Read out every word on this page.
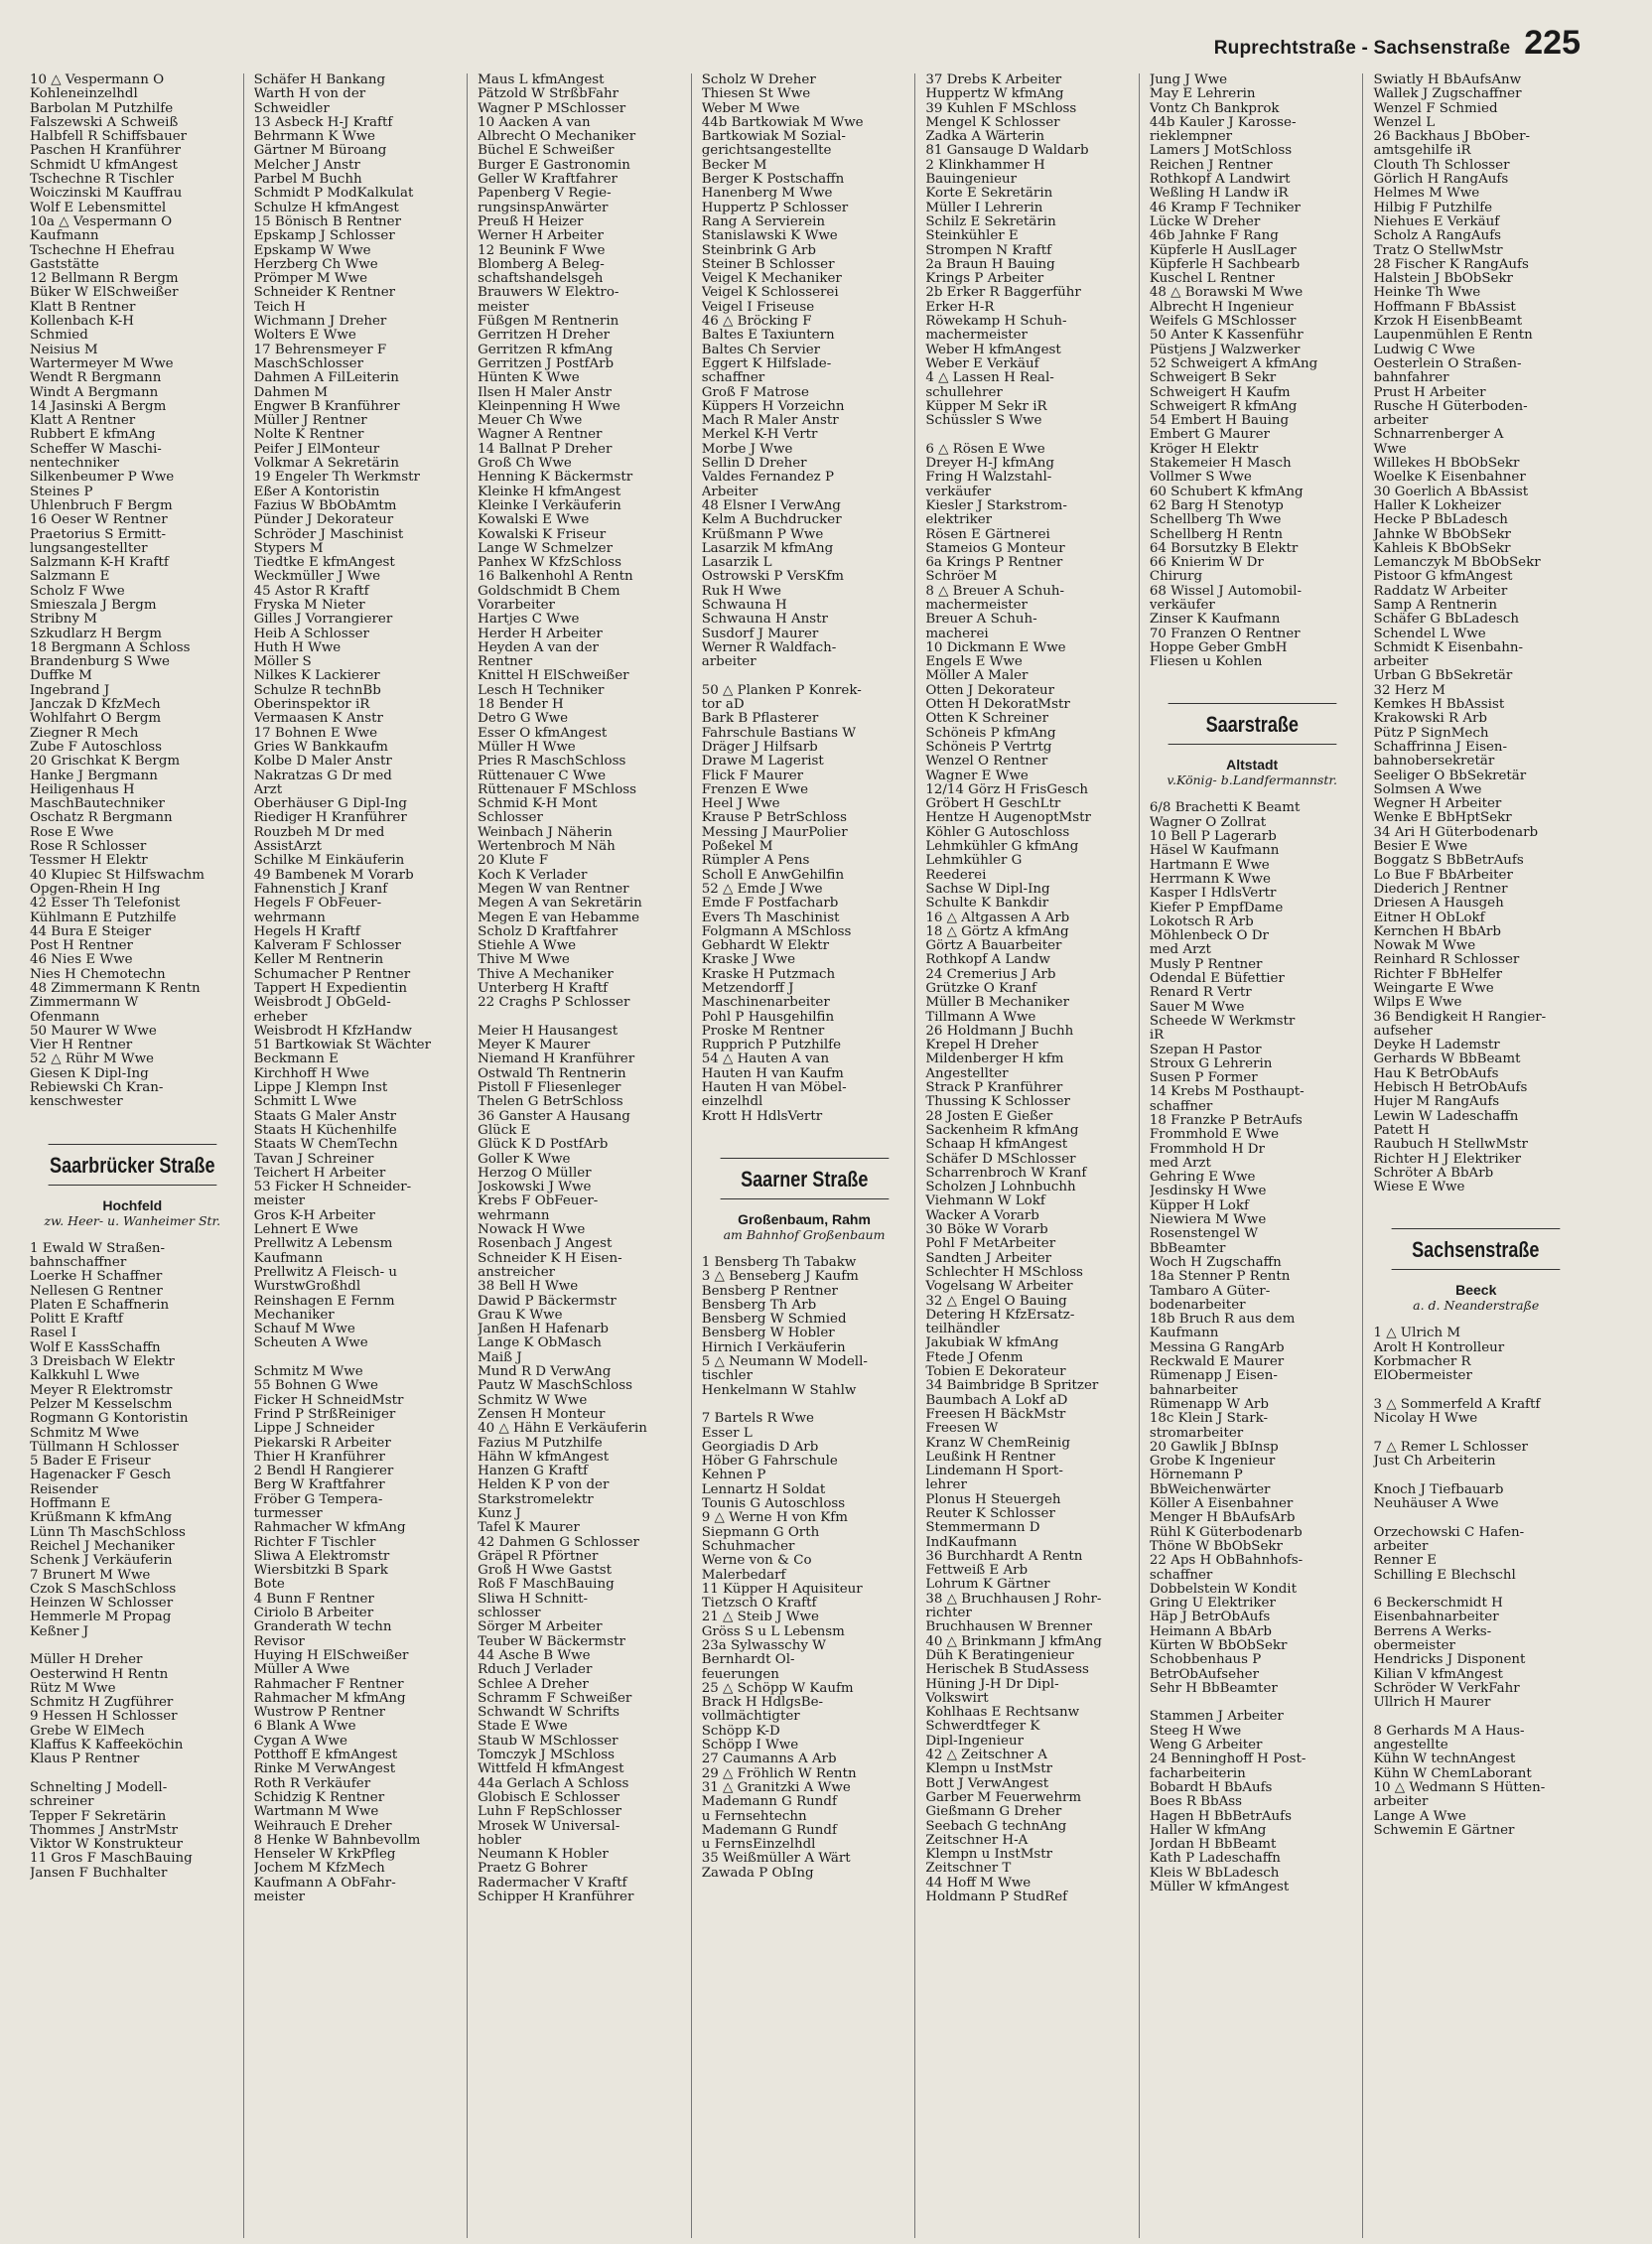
Ruprechtstraße - Sachsenstraße 225
10 △ Vespermann O
Kohleneinzelhdl
Barbolan M Putzhilfe
Falszewski A Schweiß
Halbfell R Schiffsbauer
Paschen H Kranführer
Schmidt U kfmAngest
Tschechne R Tischler
Woiczinski M Kauffrau
Wolf E Lebensmittel
10a △ Vespermann O
Kaufmann
Tschechne H Ehefrau
Gaststätte
12 Bellmann R Bergm
Büker W ElSchweißer
Klatt B Rentner
Kollenbach K-H
Schmied
Neisius M
Wartermeyer M Wwe
Wendt R Bergmann
Windt A Bergmann
14 Jasinski A Bergm
Klatt A Rentner
Rubbert E kfmAng
Scheffer W Maschi-
nentechniker
Silkenbeumer P Wwe
Steines P
Uhlenbruch F Bergm
16 Oeser W Rentner
Praetorius S Ermitt-
lungsangestellter
Salzmann K-H Kraftf
Salzmann E
Scholz F Wwe
Smieszala J Bergm
Stribny M
Szkudlarz H Bergm
18 Bergmann A Schloss
Brandenburg S Wwe
Duffke M
Ingebrand J
Janczak D KfzMech
Wohlfahrt O Bergm
Ziegner R Mech
Zube F Autoschloss
20 Grischkat K Bergm
Hanke J Bergmann
Heiligenhaus H
MaschBautechniker
Oschatz R Bergmann
Rose E Wwe
Rose R Schlosser
Tessmer H Elektr
40 Klupiec St Hilfswachm
Opgen-Rhein H Ing
42 Esser Th Telefonist
Kühlmann E Putzhilfe
44 Bura E Steiger
Post H Rentner
46 Nies E Wwe
Nies H Chemotechn
48 Zimmermann K Rentn
Zimmermann W
Ofenmann
50 Maurer W Wwe
Vier H Rentner
52 △ Rühr M Wwe
Giesen K Dipl-Ing
Rebiewski Ch Kran-
kenschwester
Saarbrücker Straße
Hochfeld
zw. Heer- u. Wanheimer Str.
1 Ewald W Straßen-
bahnschaffner
Loerke H Schaffner
Nellesen G Rentner
Platen E Schaffnerin
Politt E Kraftf
Rasel I
Wolf E KassSchaffn
3 Dreisbach W Elektr
Kalkkuhl L Wwe
Meyer R Elektromstr
Pelzer M Kesselschm
Rogmann G Kontoristin
Schmitz M Wwe
Tüllmann H Schlosser
5 Bader E Friseur
Hagenacker F Gesch
Reisender
Hoffmann E
Krüßmann K kfmAng
Lünn Th MaschSchloss
Reichel J Mechaniker
Schenk J Verkäuferin
7 Brunert M Wwe
Czok S MaschSchloss
Heinzen W Schlosser
Hemmerle M Propag
Keßner J

Müller H Dreher
Oesterwind H Rentn
Rütz M Wwe
Schmitz H Zugführer
9 Hessen H Schlosser
Grebe W ElMech
Klaffus K Kaffeeköchin
Klaus P Rentner

Schnelting J Modell-
schreiner
Tepper F Sekretärin
Thommes J AnstrMstr
Viktor W Konstrukteur
11 Gros F MaschBauing
Jansen F Buchhalter
Schäfer H Bankang
Warth H von der
Schweidler
13 Asbeck H-J Kraftf
Behrmann K Wwe
Gärtner M Büroang
Melcher J Anstr
Parbel M Buchh
Schmidt P ModKalkulat
Schulze H kfmAngest
15 Bönisch B Rentner
Epskamp J Schlosser
Epskamp W Wwe
Herzberg Ch Wwe
Prömper M Wwe
Schneider K Rentner
Teich H
Wichmann J Dreher
Wolters E Wwe
17 Behrensmeyer F
MaschSchlosser
Dahmen A FilLeiterin
Dahmen M
Engwer B Kranführer
Müller J Rentner
Nolte K Rentner
Peifer J ElMonteur
Volkmar A Sekretärin
19 Engeler Th Werkmstr
Eßer A Kontoristin
Fazius W BbObAmtm
Pünder J Dekorateur
Schröder J Maschinist
Stypers M
Tiedtke E kfmAngest
Weckmüller J Wwe
45 Astor R Kraftf
Fryska M Nieter
Gilles J Vorrangierer
Heib A Schlosser
Huth H Wwe
Möller S
Nilkes K Lackierer
Schulze R technBb
Oberinspektor iR
Vermaasen K Anstr
17 Bohnen E Wwe
Gries W Bankkaufm
Kolbe D Maler Anstr
Nakratzas G Dr med
Arzt
Oberhäuser G Dipl-Ing
Riediger H Kranführer
Rouzbeh M Dr med
AssistArzt
Schilke M Einkäuferin
49 Bambenek M Vorarb
Fahnenstich J Kranf
Hegels F ObFeuer-
wehrmann
Hegels H Kraftf
Kalveram F Schlosser
Keller M Rentnerin
Schumacher P Rentner
Tappert H Expedientin
Weisbrodt J ObGeld-
erheber
Weisbrodt H KfzHandw
51 Bartkowiak St Wächter
Beckmann E
Kirchhoff H Wwe
Lippe J Klempn Inst
Schmitt L Wwe
Staats G Maler Anstr
Staats H Küchenhilfe
Staats W ChemTechn
Tavan J Schreiner
Teichert H Arbeiter
53 Ficker H Schneider-
meister
Gros K-H Arbeiter
Lehnert E Wwe
Prellwitz A Lebensm
Kaufmann
Prellwitz A Fleisch- u
WurstwGroßhdl
Reinshagen E Fernm
Mechaniker
Schauf M Wwe
Scheuten A Wwe

Schmitz M Wwe
55 Bohnen G Wwe
Ficker H SchneidMstr
Frind P StrßReiniger
Lippe J Schneider
Piekarski R Arbeiter
Thier H Kranführer
2 Bendl H Rangierer
Berg W Kraftfahrer
Fröber G Tempera-
turmesser
Rahmacher W kfmAng
Richter F Tischler
Sliwa A Elektromstr
Wiersbitzki B Spark
Bote
4 Bunn F Rentner
Ciriolo B Arbeiter
Granderath W techn
Revisor
Huying H ElSchweißer
Müller A Wwe
Rahmacher F Rentner
Rahmacher M kfmAng
Wustrow P Rentner
6 Blank A Wwe
Cygan A Wwe
Potthoff E kfmAngest
Rinke M VerwAngest
Roth R Verkäufer
Schidzig K Rentner
Wartmann M Wwe
Weihrauch E Dreher
8 Henke W Bahnbevollm
Henseler W KrkPfleg
Jochem M KfzMech
Kaufmann A ObFahr-
meister
Maus L kfmAngest
Pätzold W StrßbFahr
Wagner P MSchlosser
10 Aacken A van
Albrecht O Mechaniker
Büchel E Schweißer
Burger E Gastronomin
Geller W Kraftfahrer
Papenberg V Regie-
rungsinspAnwärter
Preuß H Heizer
Werner H Arbeiter
12 Beunink F Wwe
Blomberg A Beleg-
schaftshandelsgeh
Brauwers W Elektro-
meister
Füßgen M Rentnerin
Gerritzen H Dreher
Gerritzen R kfmAng
Gerritzen J PostfArb
Hünten K Wwe
Ilsen H Maler Anstr
Kleinpenning H Wwe
Meuer Ch Wwe
Wagner A Rentner
14 Ballnat P Dreher
Groß Ch Wwe
Henning K Bäckermstr
Kleinke H kfmAngest
Kleinke I Verkäuferin
Kowalski E Wwe
Kowalski K Friseur
Lange W Schmelzer
Panhex W KfzSchloss
16 Balkenhohl A Rentn
Goldschmidt B Chem
Vorarbeiter
Hartjes C Wwe
Herder H Arbeiter
Heyden A van der
Rentner
Knittel H ElSchweißer
Lesch H Techniker
18 Bender H
Detro G Wwe
Esser O kfmAngest
Müller H Wwe
Pries R MaschSchloss
Rüttenauer C Wwe
Rüttenauer F MSchloss
Schmid K-H Mont
Schlosser
Weinbach J Näherin
Wertenbroch M Näh
20 Klute F
Koch K Verlader
Megen W van Rentner
Megen A van Sekretärin
Megen E van Hebamme
Scholz D Kraftfahrer
Stiehle A Wwe
Thive M Wwe
Thive A Mechaniker
Unterberg H Kraftf
22 Craghs P Schlosser

Meier H Hausangest
Meyer K Maurer
Niemand H Kranführer
Ostwald Th Rentnerin
Pistoll F Fliesenleger
Thelen G BetrSchloss
36 Ganster A Hausang
Glück E
Glück K D PostfArb
Goller K Wwe
Herzog O Müller
Joskowski J Wwe
Krebs F ObFeuer-
wehrmann
Nowack H Wwe
Rosenbach J Angest
Schneider K H Eisen-
anstreicher
38 Bell H Wwe
Dawid P Bäckermstr
Grau K Wwe
Janßen H Hafenarb
Lange K ObMasch
Maiß J
Mund R D VerwAng
Pautz W MaschSchloss
Schmitz W Wwe
Zensen H Monteur
40 △ Hähn E Verkäuferin
Fazius M Putzhilfe
Hähn W kfmAngest
Hanzen G Kraftf
Helden K P von der
Starkstromelektr
Kunz J
Tafel K Maurer
42 Dahmen G Schlosser
Gräpel R Pförtner
Groß H Wwe Gastst
Roß F MaschBauing
Sliwa H Schnitt-
schlosser
Sörger M Arbeiter
Teuber W Bäckermstr
44 Asche B Wwe
Rduch J Verlader
Schlee A Dreher
Schramm F Schweißer
Schwandt W Schrifts
Stade E Wwe
Staub W MSchlosser
Tomczyk J MSchloss
Wittfeld H kfmAngest
44a Gerlach A Schloss
Globisch E Schlosser
Luhn F RepSchlosser
Mrosek W Universal-
hobler
Neumann K Hobler
Praetz G Bohrer
Radermacher V Kraftf
Schipper H Kranführer
Scholz W Dreher
Thiesen St Wwe
Weber M Wwe
44b Bartkowiak M Wwe
Bartkowiak M Sozial-
gerichtsangestellte
Becker M
Berger K Postschaffn
Hanenberg M Wwe
Huppertz P Schlosser
Rang A Servierein
Stanislawski K Wwe
Steinbrink G Arb
Steiner B Schlosser
Veigel K Mechaniker
Veigel K Schlosserei
Veigel I Friseuse
46 △ Bröcking F
Baltes E Taxiuntern
Baltes Ch Servier
Eggert K Hilfslade-
schaffner
Groß F Matrose
Küppers H Vorzeichn
Mach R Maler Anstr
Merkel K-H Vertr
Morbe J Wwe
Sellin D Dreher
Valdes Fernandez P
Arbeiter
48 Elsner I VerwAng
Kelm A Buchdrucker
Krüßmann P Wwe
Lasarzik M kfmAng
Lasarzik L
Ostrowski P VersKfm
Ruk H Wwe
Schwauna H
Schwauna H Anstr
Susdorf J Maurer
Werner R Waldfach-
arbeiter

50 △ Planken P Konrek-
tor aD
Bark B Pflasterer
Fahrschule Bastians W
Dräger J Hilfsarb
Drawe M Lagerist
Flick F Maurer
Frenzen E Wwe
Heel J Wwe
Krause P BetrSchloss
Messing J MaurPolier
Poßekel M
Rümpler A Pens
Scholl E AnwGehilfin
52 △ Emde J Wwe
Emde F Postfacharb
Evers Th Maschinist
Folgmann A MSchloss
Gebhardt W Elektr
Kraske J Wwe
Kraske H Putzmach
Metzendorff J
Maschinenarbeiter
Pohl P Hausgehilfin
Proske M Rentner
Rupprich P Putzhilfe
54 △ Hauten A van
Hauten H van Kaufm
Hauten H van Möbel-
einzelhdl
Krott H HdlsVertr
Saarner Straße
Großenbaum, Rahm
am Bahnhof Großenbaum
1 Bensberg Th Tabakw
3 △ Benseberg J Kaufm
Bensberg P Rentner
Bensberg Th Arb
Bensberg W Schmied
Bensberg W Hobler
Hirnich I Verkäuferin
5 △ Neumann W Modell-
tischler
Henkelmann W Stahlw

7 Bartels R Wwe
Esser L
Georgiadis D Arb
Höber G Fahrschule
Kehnen P
Lennartz H Soldat
Tounis G Autoschloss
9 △ Werne H von Kfm
Siepmann G Orth
Schuhmacher
Werne von & Co
Malerbedarf
11 Küpper H Aquisiteur
Tietzsch O Kraftf
21 △ Steib J Wwe
Gröss S u L Lebensm
23a Sylwasschy W
Bernhardt Öl-
feuerungen
25 △ Schöpp W Kaufm
Brack H HdlgsBe-
vollmächtigter
Schöpp K-D
Schöpp I Wwe
27 Caumanns A Arb
29 △ Fröhlich W Rentn
31 △ Granitzki A Wwe
Mademann G Rundf
u Fernsehtechn
Mademann G Rundf
u FernsEinzelhdl
35 Weißmüller A Wärt
Zawada P ObIng
37 Drebs K Arbeiter
Huppertz W kfmAng
39 Kuhlen F MSchloss
Mengel K Schlosser
Zadka A Wärterin
81 Gansauge D Waldarb
2 Klinkhammer H
Bauingenieur
Korte E Sekretärin
Müller I Lehrerin
Schilz E Sekretärin
Steinkühler E
Strompen N Kraftf
2a Braun H Bauing
Krings P Arbeiter
2b Erker R Baggerführ
Erker H-R
Röwekamp H Schuh-
machermeister
Weber H kfmAngest
Weber E Verkäuf
4 △ Lassen H Real-
schullehrer
Küpper M Sekr iR
Schüssler S Wwe

6 △ Rösen E Wwe
Dreyer H-J kfmAng
Fring H Walzstahl-
verkäufer
Kiesler J Starkstrom-
elektriker
Rösen E Gärtnerei
Stameios G Monteur
6a Krings P Rentner
Schröer M
8 △ Breuer A Schuh-
machermeister
Breuer A Schuh-
macherei
10 Dickmann E Wwe
Engels E Wwe
Möller A Maler
Otten J Dekorateur
Otten H DekoratMstr
Otten K Schreiner
Schöneis P kfmAng
Schöneis P Vertrtg
Wenzel O Rentner
Wagner E Wwe
12/14 Görz H FrisGesch
Gröbert H GeschLtr
Hentze H AugenoptMstr
Köhler G Autoschloss
Lehmkühler G kfmAng
Lehmkühler G
Reederei
Sachse W Dipl-Ing
Schulte K Bankdir
16 △ Altgassen A Arb
18 △ Görtz A kfmAng
Görtz A Bauarbeiter
Rothkopf A Landw
24 Cremerius J Arb
Grützke O Kranf
Müller B Mechaniker
Tillmann A Wwe
26 Holdmann J Buchh
Krepel H Dreher
Mildenberger H kfm
Angestellter
Strack P Kranführer
Thussing K Schlosser
28 Josten E Gießer
Sackenheim R kfmAng
Schaap H kfmAngest
Schäfer D MSchlosser
Scharrenbroch W Kranf
Scholzen J Lohnbuchh
Viehmann W Lokf
Wacker A Vorarb
30 Böke W Vorarb
Pohl F MetArbeiter
Sandten J Arbeiter
Schlechter H MSchloss
Vogelsang W Arbeiter
32 △ Engel O Bauing
Detering H KfzErsatz-
teilhändler
Jakubiak W kfmAng
Ftede J Ofenm
Tobien E Dekorateur
34 Baimbridge B Spritzer
Baumbach A Lokf aD
Freesen H BäckMstr
Freesen W
Kranz W ChemReinig
Leußink H Rentner
Lindemann H Sport-
lehrer
Plonus H Steuergeh
Reuter K Schlosser
Stemmermann D
IndKaufmann
36 Burchhardt A Rentn
Fettweiß E Arb
Lohrum K Gärtner
38 △ Bruchhausen J Rohr-
richter
Bruchhausen W Brenner
40 △ Brinkmann J kfmAng
Düh K Beratingenieur
Herischek B StudAssess
Hüning J-H Dr Dipl-
Volkswirt
Kohlhaas E Rechtsanw
Schwerdtfeger K
Dipl-Ingenieur
42 △ Zeitschner A
Klempn u InstMstr
Bott J VerwAngest
Garber M Feuerwehrm
Gießmann G Dreher
Seebach G technAng
Zeitschner H-A
Klempn u InstMstr
Zeitschner T
44 Hoff M Wwe
Holdmann P StudRef
Jung J Wwe
May E Lehrerin
Vontz Ch Bankprok
44b Kauler J Karosse-
rieklempner
Lamers J MotSchloss
Reichen J Rentner
Rothkopf A Landwirt
Weßling H Landw iR
46 Kramp F Techniker
Lücke W Dreher
46b Jahnke F Rang
Küpferle H AuslLager
Küpferle H Sachbearb
Kuschel L Rentner
48 △ Borawski M Wwe
Albrecht H Ingenieur
Weifels G MSchlosser
50 Anter K Kassenführ
Püstjens J Walzwerker
52 Schweigert A kfmAng
Schweigert B Sekr
Schweigert H Kaufm
Schweigert R kfmAng
54 Embert H Bauing
Embert G Maurer
Kröger H Elektr
Stakemeier H Masch
Vollmer S Wwe
60 Schubert K kfmAng
62 Barg H Stenotyp
Schellberg Th Wwe
Schellberg H Rentn
64 Borsutzky B Elektr
66 Knierim W Dr
Chirurg
68 Wissel J Automobil-
verkäufer
Zinser K Kaufmann
70 Franzen O Rentner
Hoppe Geber GmbH
Fliesen u Kohlen
Saarstraße
Altstadt
v.König- b.Landfermannstr.
6/8 Brachetti K Beamt
Wagner O Zollrat
10 Bell P Lagerarb
Häsel W Kaufmann
Hartmann E Wwe
Herrmann K Wwe
Kasper I HdlsVertr
Kiefer P EmpfDame
Lokotsch R Arb
Möhlenbeck O Dr
med Arzt
Musly P Rentner
Odendal E Büfettier
Renard R Vertr
Sauer M Wwe
Scheede W Werkmstr
iR
Szepan H Pastor
Stroux G Lehrerin
Susen P Former
14 Krebs M Posthaupt-
schaffner
18 Franzke P BetrAufs
Frommhold E Wwe
Frommhold H Dr
med Arzt
Gehring E Wwe
Jesdinsky H Wwe
Küpper H Lokf
Niewiera M Wwe
Rosenstengel W
BbBeamter
Woch H Zugschaffn
18a Stenner P Rentn
Tambaro A Güter-
bodenarbeiter
18b Bruch R aus dem
Kaufmann
Messina G RangArb
Reckwald E Maurer
Rümenapp J Eisen-
bahnarbeiter
Rümenapp W Arb
18c Klein J Stark-
stromarbeiter
20 Gawlik J BbInsp
Grobe K Ingenieur
Hörnemann P
BbWeichenwärter
Köller A Eisenbahner
Menger H BbAufsArb
Rühl K Güterbodenarb
Thöne W BbObSekr
22 Aps H ObBahnhofs-
schaffner
Dobbelstein W Kondit
Gring U Elektriker
Häp J BetrObAufs
Heimann A BbArb
Kürten W BbObSekr
Schobbenhaus P
BetrObAufseher
Sehr H BbBeamter

Stammen J Arbeiter
Steeg H Wwe
Weng G Arbeiter
24 Benninghoff H Post-
facharbeiterin
Bobardt H BbAufs
Boes R BbAss
Hagen H BbBetrAufs
Haller W kfmAng
Jordan H BbBeamt
Kath P Ladeschaffn
Kleis W BbLadesch
Müller W kfmAngest
Swiatly H BbAufsAnw
Wallek J Zugschaffner
Wenzel F Schmied
Wenzel L
26 Backhaus J BbOber-
amtsgehilfe iR
Clouth Th Schlosser
Görlich H RangAufs
Helmes M Wwe
Hilbig F Putzhilfe
Niehues E Verkäuf
Scholz A RangAufs
Tratz O StellwMstr
28 Fischer K RangAufs
Halstein J BbObSekr
Heinke Th Wwe
Hoffmann F BbAssist
Krzok H EisenbBeamt
Laupenmühlen E Rentn
Ludwig C Wwe
Oesterlein O Straßen-
bahnfahrer
Prust H Arbeiter
Rusche H Güterboden-
arbeiter
Schnarrenberger A
Wwe
Willekes H BbObSekr
Woelke K Eisenbahner
30 Goerlich A BbAssist
Haller K Lokheizer
Hecke P BbLadesch
Jahnke W BbObSekr
Kahleis K BbObSekr
Lemanczyk M BbObSekr
Pistoor G kfmAngest
Raddatz W Arbeiter
Samp A Rentnerin
Schäfer G BbLadesch
Schendel L Wwe
Schmidt K Eisenbahn-
arbeiter
Urban G BbSekretär
32 Herz M
Kemkes H BbAssist
Krakowski R Arb
Pütz P SignMech
Schaffrinna J Eisen-
bahnobersekretär
Seeliger O BbSekretär
Solmsen A Wwe
Wegner H Arbeiter
Wenke E BbHptSekr
34 Ari H Güterbodenarb
Besier E Wwe
Boggatz S BbBetrAufs
Lo Bue F BbArbeiter
Diederich J Rentner
Driesen A Hausgeh
Eitner H ObLokf
Kernchen H BbArb
Nowak M Wwe
Reinhard R Schlosser
Richter F BbHelfer
Weingarte E Wwe
Wilps E Wwe
36 Bendigkeit H Rangier-
aufseher
Deyke H Lademstr
Gerhards W BbBeamt
Hau K BetrObAufs
Hebisch H BetrObAufs
Hujer M RangAufs
Lewin W Ladeschaffn
Patett H
Raubuch H StellwMstr
Richter H J Elektriker
Schröter A BbArb
Wiese E Wwe
Sachsenstraße
Beeck
a. d. Neanderstraße
1 △ Ulrich M
Arolt H Kontrolleur
Korbmacher R
ElObermeister

3 △ Sommerfeld A Kraftf
Nicolay H Wwe

7 △ Remer L Schlosser
Just Ch Arbeiterin

Knoch J Tiefbauarb
Neuhäuser A Wwe

Orzechowski C Hafen-
arbeiter
Renner E
Schilling E Blechschl

6 Beckerschmidt H
Eisenbahnarbeiter
Berrens A Werks-
obermeister
Hendricks J Disponent
Kilian V kfmAngest
Schröder W VerkFahr
Ullrich H Maurer

8 Gerhards M A Haus-
angestellte
Kühn W technAngest
Kühn W ChemLaborant
10 △ Wedmann S Hütten-
arbeiter
Lange A Wwe
Schwemin E Gärtner
